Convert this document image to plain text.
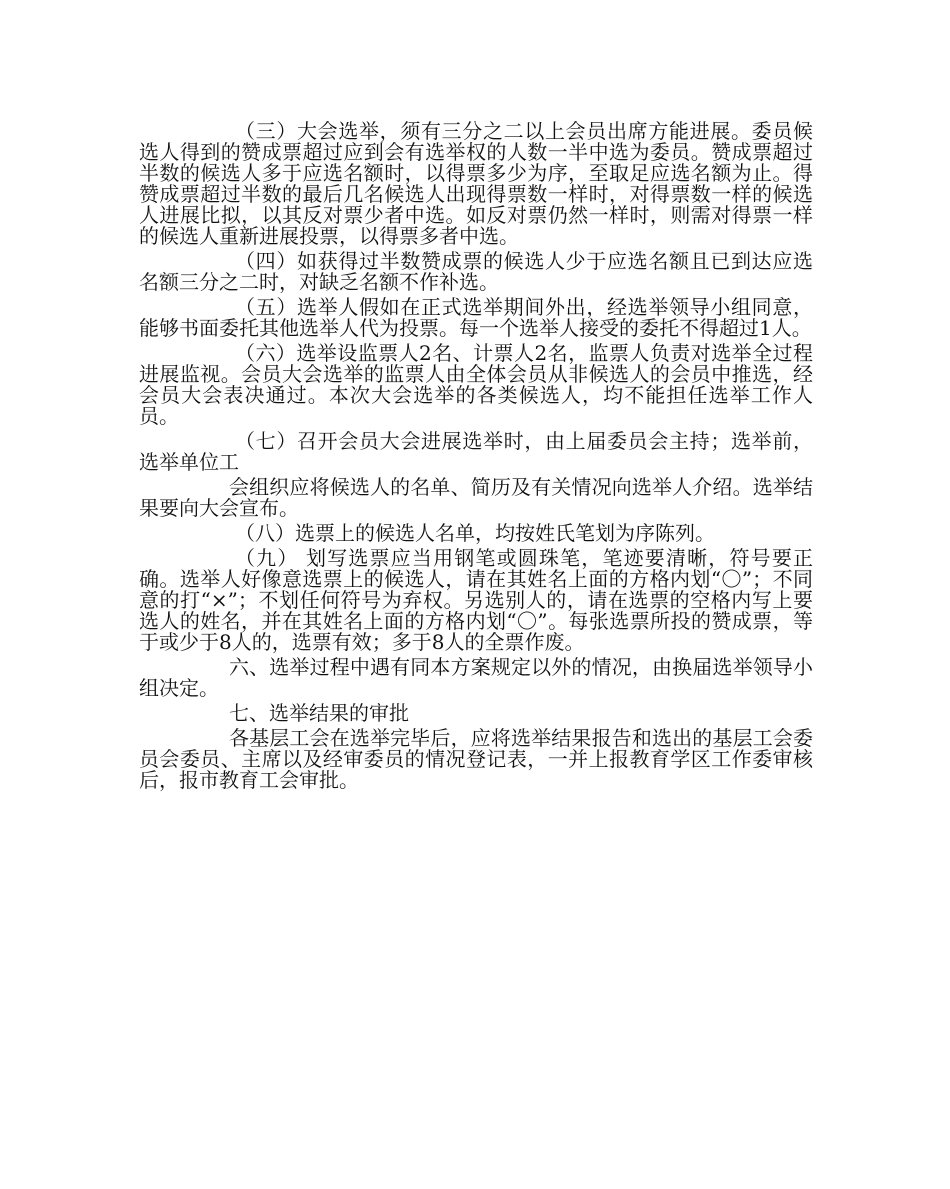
（三）大会选举，须有三分之二以上会员出席方能进展。委员候选人得到的赞成票超过应到会有选举权的人数一半中选为委员。赞成票超过半数的候选人多于应选名额时，以得票多少为序，至取足应选名额为止。得赞成票超过半数的最后几名候选人出现得票数一样时，对得票数一样的候选人进展比拟，以其反对票少者中选。如反对票仍然一样时，则需对得票一样的候选人重新进展投票，以得票多者中选。

（四）如获得过半数赞成票的候选人少于应选名额且已到达应选名额三分之二时，对缺乏名额不作补选。

（五）选举人假如在正式选举期间外出，经选举领导小组同意，能够书面委托其他选举人代为投票。每一个选举人接受的委托不得超过1人。

（六）选举设监票人2名、计票人2名，监票人负责对选举全过程进展监视。会员大会选举的监票人由全体会员从非候选人的会员中推选，经会员大会表决通过。本次大会选举的各类候选人，均不能担任选举工作人员。

（七）召开会员大会进展选举时，由上届委员会主持；选举前，选举单位工

会组织应将候选人的名单、简历及有关情况向选举人介绍。选举结果要向大会宣布。

（八）选票上的候选人名单，均按姓氏笔划为序陈列。

（九） 划写选票应当用钢笔或圆珠笔，笔迹要清晰，符号要正确。选举人好像意选票上的候选人，请在其姓名上面的方格内划“〇”；不同意的打“×”；不划任何符号为弃权。另选别人的，请在选票的空格内写上要选人的姓名，并在其姓名上面的方格内划“〇”。每张选票所投的赞成票，等于或少于8人的，选票有效；多于8人的全票作废。

六、选举过程中遇有同本方案规定以外的情况，由换届选举领导小组决定。

七、选举结果的审批

各基层工会在选举完毕后，应将选举结果报告和选出的基层工会委员会委员、主席以及经审委员的情况登记表，一并上报教育学区工作委审核后，报市教育工会审批。
